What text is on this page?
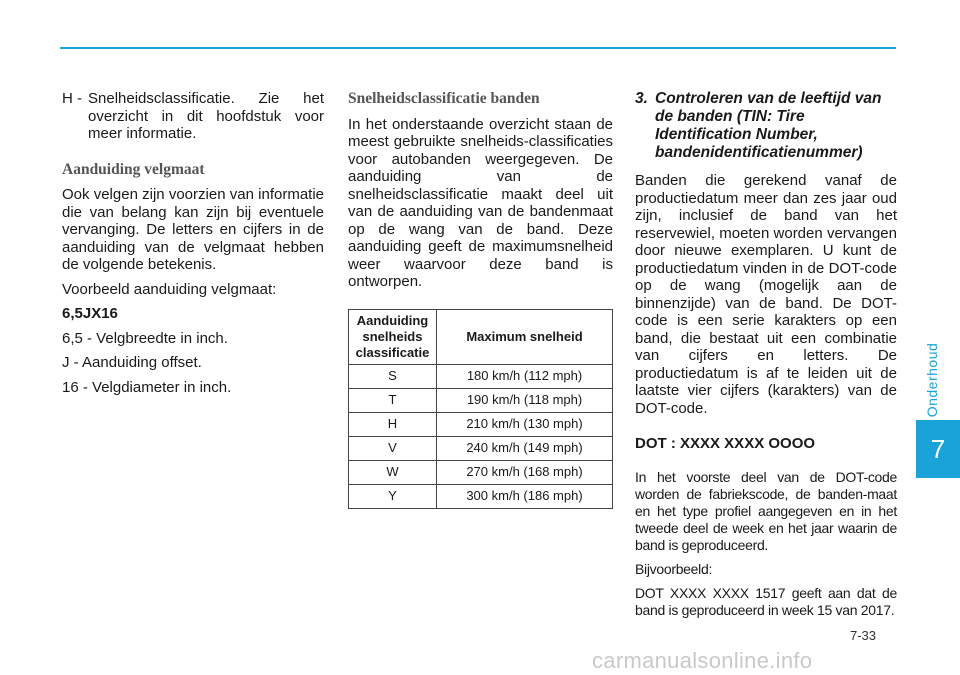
H - Snelheidsclassificatie. Zie het overzicht in dit hoofdstuk voor meer informatie.
Aanduiding velgmaat

Ook velgen zijn voorzien van informatie die van belang kan zijn bij eventuele vervanging. De letters en cijfers in de aanduiding van de velgmaat hebben de volgende betekenis.

Voorbeeld aanduiding velgmaat:

6,5JX16

6,5 - Velgbreedte in inch.

J - Aanduiding offset.

16 - Velgdiameter in inch.

Snelheidsclassificatie banden

In het onderstaande overzicht staan de meest gebruikte snelheids-classificaties voor autobanden weergegeven. De aanduiding van de snelheidsclassificatie maakt deel uit van de aanduiding van de bandenmaat op de wang van de band. Deze aanduiding geeft de maximumsnelheid weer waarvoor deze band is ontworpen.

Aanduiding snelheids classificatie	Maximum snelheid
S	180 km/h (112 mph)
T	190 km/h (118 mph)
H	210 km/h (130 mph)
V	240 km/h (149 mph)
W	270 km/h (168 mph)
Y	300 km/h (186 mph)
3. Controleren van de leeftijd van de banden (TIN: Tire Identification Number, bandenidentificatienummer)

Banden die gerekend vanaf de productiedatum meer dan zes jaar oud zijn, inclusief de band van het reservewiel, moeten worden vervangen door nieuwe exemplaren. U kunt de productiedatum vinden in de DOT-code op de wang (mogelijk aan de binnenzijde) van de band. De DOT-code is een serie karakters op een band, die bestaat uit een combinatie van cijfers en letters. De productiedatum is af te leiden uit de laatste vier cijfers (karakters) van de DOT-code.

DOT : XXXX XXXX OOOO

In het voorste deel van de DOT-code worden de fabriekscode, de banden-maat en het type profiel aangegeven en in het tweede deel de week en het jaar waarin de band is geproduceerd.

Bijvoorbeeld:

DOT XXXX XXXX 1517 geeft aan dat de band is geproduceerd in week 15 van 2017.

Onderhoud
7
7-33
carmanualsonline.info
